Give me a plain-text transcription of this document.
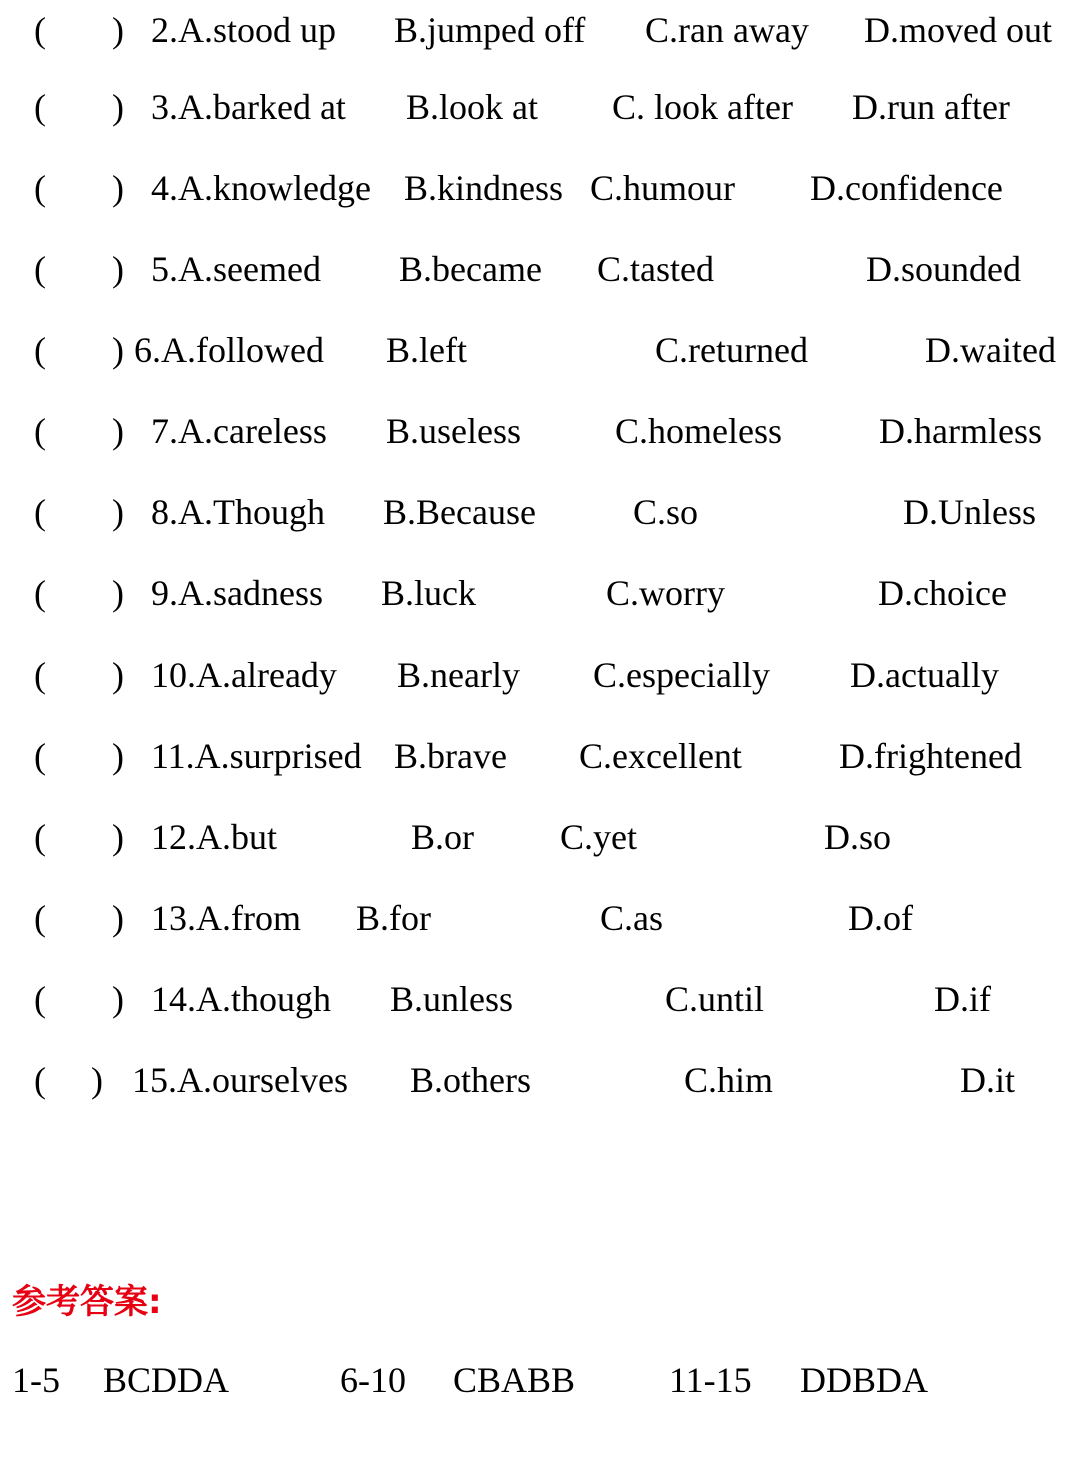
( ) 2.A.stood up B.jumped off C.ran away D.moved out
( ) 3.A.barked at B.look at C. look after D.run after
( ) 4.A.knowledge B.kindness C.humour D.confidence
( ) 5.A.seemed B.became C.tasted	D.sounded
( ) 6.A.followed B.left	C.returned	D.waited
( ) 7.A.careless B.useless	C.homeless	D.harmless
( ) 8.A.Though B.Because	C.so	D.Unless
( ) 9.A.sadness B.luck	C.worry	D.choice
( ) 10.A.already B.nearly C.especially D.actually
( ) 11.A.surprised B.brave C.excellent	D.frightened
( ) 12.A.but	B.or C.yet	D.so
( ) 13.A.from B.for	C.as	D.of
( ) 14.A.though B.unless	C.until	D.if
( ) 15.A.ourselves B.others	C.him	D.it
参考答案:
1-5 BCDDA	6-10 CBABB	11-15 DDBDA
